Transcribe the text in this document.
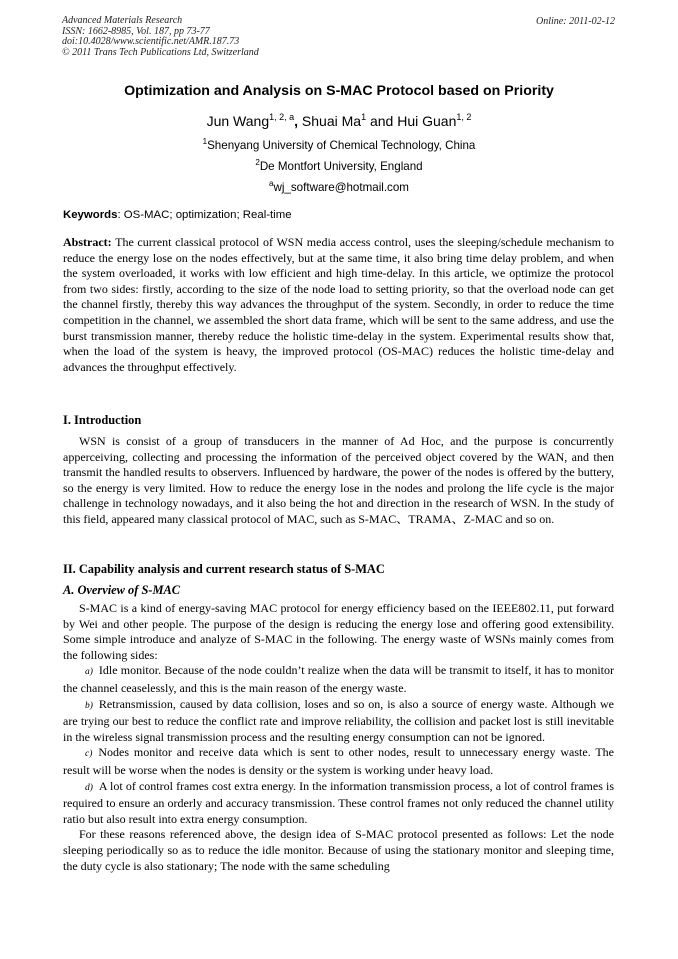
Advanced Materials Research
ISSN: 1662-8985, Vol. 187, pp 73-77
doi:10.4028/www.scientific.net/AMR.187.73
© 2011 Trans Tech Publications Ltd, Switzerland
Online: 2011-02-12
Optimization and Analysis on S-MAC Protocol based on Priority
Jun Wang$^{1, 2, a}$, Shuai Ma$^1$ and Hui Guan$^{1, 2}$
$^1$Shenyang University of Chemical Technology, China
$^2$De Montfort University, England
$^a$wj_software@hotmail.com
Keywords: OS-MAC; optimization; Real-time

Abstract: The current classical protocol of WSN media access control, uses the sleeping/schedule mechanism to reduce the energy lose on the nodes effectively, but at the same time, it also bring time delay problem, and when the system overloaded, it works with low efficient and high time-delay. In this article, we optimize the protocol from two sides: firstly, according to the size of the node load to setting priority, so that the overload node can get the channel firstly, thereby this way advances the throughput of the system. Secondly, in order to reduce the time competition in the channel, we assembled the short data frame, which will be sent to the same address, and use the burst transmission manner, thereby reduce the holistic time-delay in the system. Experimental results show that, when the load of the system is heavy, the improved protocol (OS-MAC) reduces the holistic time-delay and advances the throughput effectively.

I. Introduction

WSN is consist of a group of transducers in the manner of Ad Hoc, and the purpose is concurrently apperceiving, collecting and processing the information of the perceived object covered by the WAN, and then transmit the handled results to observers. Influenced by hardware, the power of the nodes is offered by the buttery, so the energy is very limited. How to reduce the energy lose in the nodes and prolong the life cycle is the major challenge in technology nowadays, and it also being the hot and direction in the research of WSN. In the study of this field, appeared many classical protocol of MAC, such as S-MAC、TRAMA、Z-MAC and so on.

II. Capability analysis and current research status of S-MAC
A. Overview of S-MAC

S-MAC is a kind of energy-saving MAC protocol for energy efficiency based on the IEEE802.11, put forward by Wei and other people. The purpose of the design is reducing the energy lose and offering good extensibility. Some simple introduce and analyze of S-MAC in the following. The energy waste of WSNs mainly comes from the following sides:

a) Idle monitor. Because of the node couldn’t realize when the data will be transmit to itself, it has to monitor the channel ceaselessly, and this is the main reason of the energy waste.

b) Retransmission, caused by data collision, loses and so on, is also a source of energy waste. Although we are trying our best to reduce the conflict rate and improve reliability, the collision and packet lost is still inevitable in the wireless signal transmission process and the resulting energy consumption can not be ignored.

c) Nodes monitor and receive data which is sent to other nodes, result to unnecessary energy waste. The result will be worse when the nodes is density or the system is working under heavy load.

d) A lot of control frames cost extra energy. In the information transmission process, a lot of control frames is required to ensure an orderly and accuracy transmission. These control frames not only reduced the channel utility ratio but also result into extra energy consumption.

For these reasons referenced above, the design idea of S-MAC protocol presented as follows: Let the node sleeping periodically so as to reduce the idle monitor. Because of using the stationary monitor and sleeping time, the duty cycle is also stationary; The node with the same scheduling
